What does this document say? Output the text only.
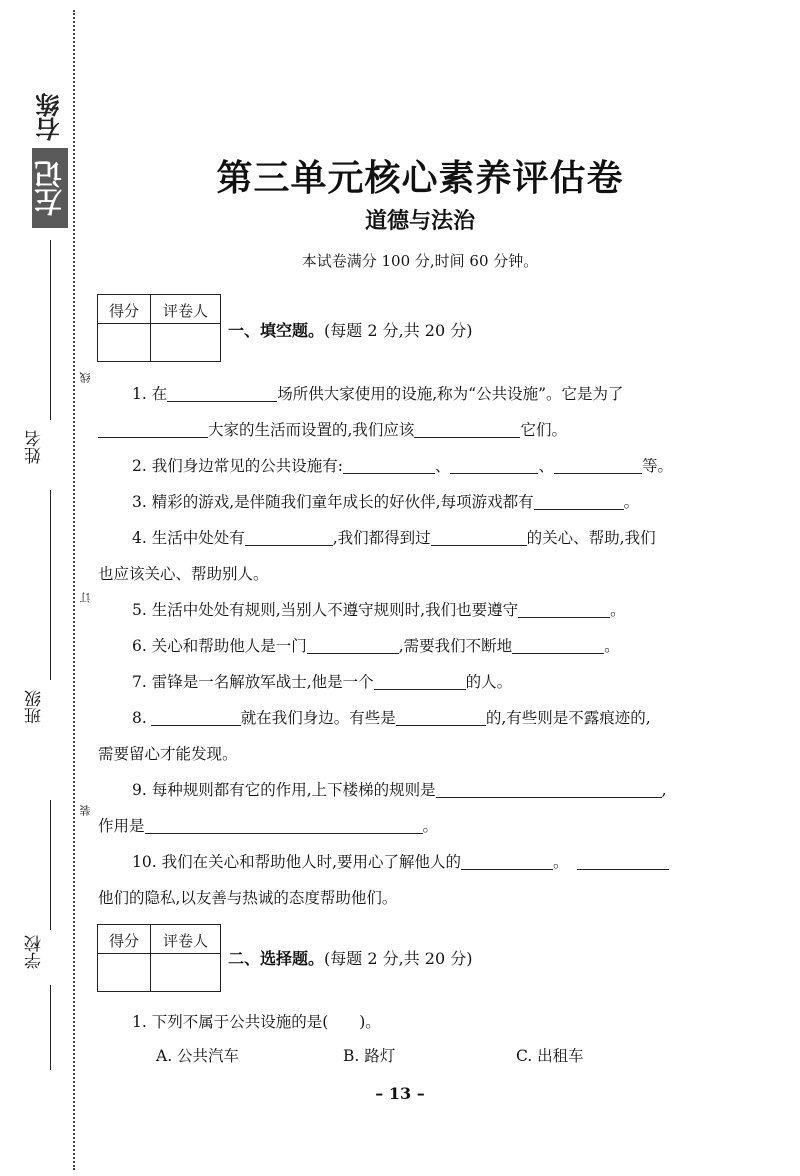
右练
左记
姓名
班级
学校
线
订
装
第三单元核心素养评估卷
道德与法治
本试卷满分 100 分,时间 60 分钟。
得分	评卷人
一、填空题。(每题 2 分,共 20 分)
1. 在	场所供大家使用的设施,称为“公共设施”。它是为了
大家的生活而设置的,我们应该	它们。
2. 我们身边常见的公共设施有:	、	、	等。
3. 精彩的游戏,是伴随我们童年成长的好伙伴,每项游戏都有	。
4. 生活中处处有	,我们都得到过	的关心、帮助,我们
也应该关心、帮助别人。
5. 生活中处处有规则,当别人不遵守规则时,我们也要遵守	。
6. 关心和帮助他人是一门	,需要我们不断地	。
7. 雷锋是一名解放军战士,他是一个	的人。
8.	就在我们身边。有些是	的,有些则是不露痕迹的,
需要留心才能发现。
9. 每种规则都有它的作用,上下楼梯的规则是	,
作用是	。
10. 我们在关心和帮助他人时,要用心了解他人的	。
他们的隐私,以友善与热诚的态度帮助他们。
得分	评卷人
二、选择题。(每题 2 分,共 20 分)
1. 下列不属于公共设施的是(　　)。
A. 公共汽车	B. 路灯	C. 出租车
– 13 –
